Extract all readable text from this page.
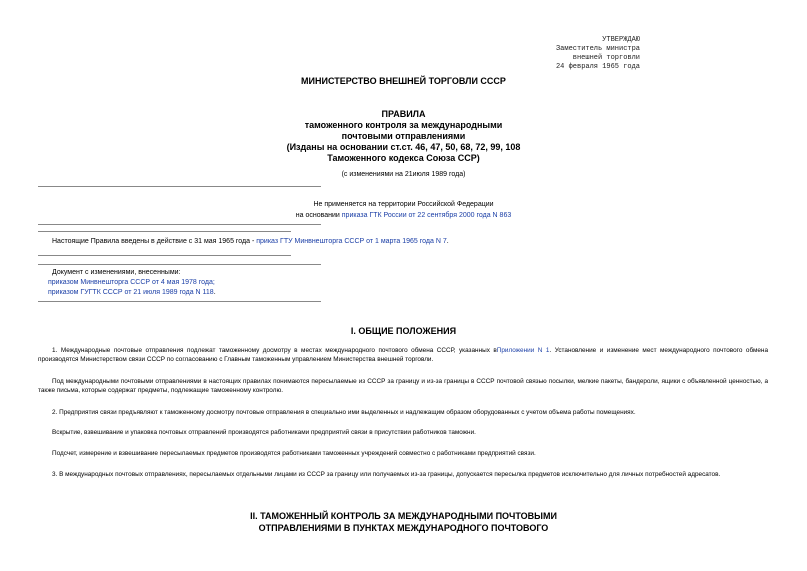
УТВЕРЖДАЮ
Заместитель министра
внешней торговли
24 февраля 1965 года
МИНИСТЕРСТВО ВНЕШНЕЙ ТОРГОВЛИ СССР
ПРАВИЛА
таможенного контроля за международными
почтовыми отправлениями
(Изданы на основании ст.ст. 46, 47, 50, 68, 72, 99, 108
Таможенного кодекса Союза ССР)
(с изменениями на 21июля 1989 года)
Не применяется на территории Российской Федерации
на основании приказа ГТК России от 22 сентября 2000 года N 863
Настоящие Правила введены в действие с 31 мая 1965 года - приказ ГТУ Минвнешторга СССР от 1 марта 1965 года N 7.
Документ с изменениями, внесенными:
приказом Минвнешторга СССР от 4 мая 1978 года;
приказом ГУГТК СССР от 21 июля 1989 года N 118.
I. ОБЩИЕ ПОЛОЖЕНИЯ
1. Международные почтовые отправления подлежат таможенному досмотру в местах международного почтового обмена СССР, указанных вПриложении N 1. Установление и изменение мест международного почтового обмена производятся Министерством связи СССР по согласованию с Главным таможенным управлением Министерства внешней торговли.
Под международными почтовыми отправлениями в настоящих правилах понимаются пересылаемые из СССР за границу и из-за границы в СССР почтовой связью посылки, мелкие пакеты, бандероли, ящики с объявленной ценностью, а также письма, которые содержат предметы, подлежащие таможенному контролю.
2. Предприятия связи предъявляют к таможенному досмотру почтовые отправления в специально ими выделенных и надлежащим образом оборудованных с учетом объема работы помещениях.
Вскрытие, взвешивание и упаковка почтовых отправлений производятся работниками предприятий связи в присутствии работников таможни.
Подсчет, измерение и взвешивание пересылаемых предметов производятся работниками таможенных учреждений совместно с работниками предприятий связи.
3. В международных почтовых отправлениях, пересылаемых отдельными лицами из СССР за границу или получаемых из-за границы, допускается пересылка предметов исключительно для личных потребностей адресатов.
II. ТАМОЖЕННЫЙ КОНТРОЛЬ ЗА МЕЖДУНАРОДНЫМИ ПОЧТОВЫМИ
ОТПРАВЛЕНИЯМИ В ПУНКТАХ МЕЖДУНАРОДНОГО ПОЧТОВОГО
